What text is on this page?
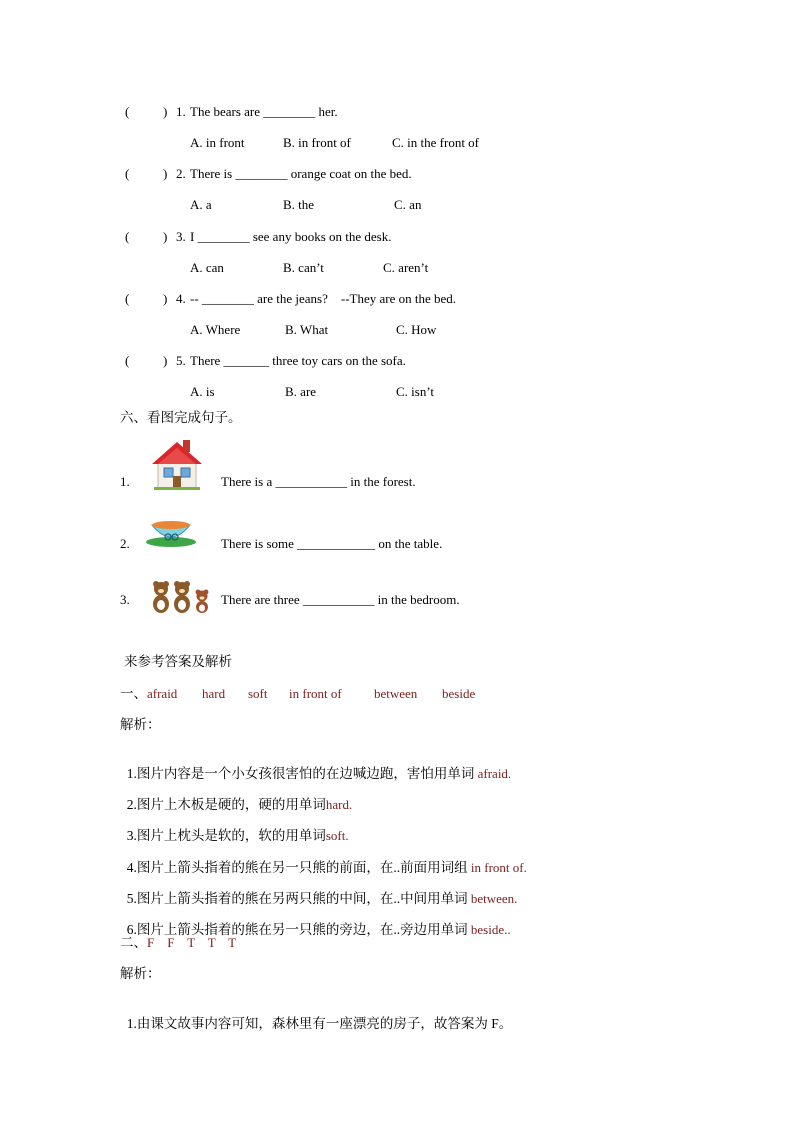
(	) 1. The bears are ________ her.
A. in front	B. in front of	C. in the front of
(	) 2. There is ________ orange coat on the bed.
A. a	B. the	C. an
(	) 3. I ________ see any books on the desk.
A. can	B. can’t	C. aren’t
(	) 4. -- ________ are the jeans?    --They are on the bed.
A. Where	B. What	C. How
(	) 5. There _______ three toy cars on the sofa.
A. is	B. are	C. isn’t
六、看图完成句子。
1.	There is a ___________ in the forest.
2.	There is some ____________ on the table.
3.	There are three ___________ in the bedroom.
来参考答案及解析
一、 afraid hard soft in front of between beside
解析：

1.图片内容是一个小女孩很害怕的在边喊边跑，害怕用单词 afraid.

2.图片上木板是硬的，硬的用单词hard.

3.图片上枕头是软的，软的用单词soft.

4.图片上箭头指着的熊在另一只熊的前面，在..前面用词组 in front of.

5.图片上箭头指着的熊在另两只熊的中间，在..中间用单词 between.

6.图片上箭头指着的熊在另一只熊的旁边，在..旁边用单词 beside..

二、 F    F    T    T    T
解析：

1.由课文故事内容可知，森林里有一座漂亮的房子，故答案为 F。
